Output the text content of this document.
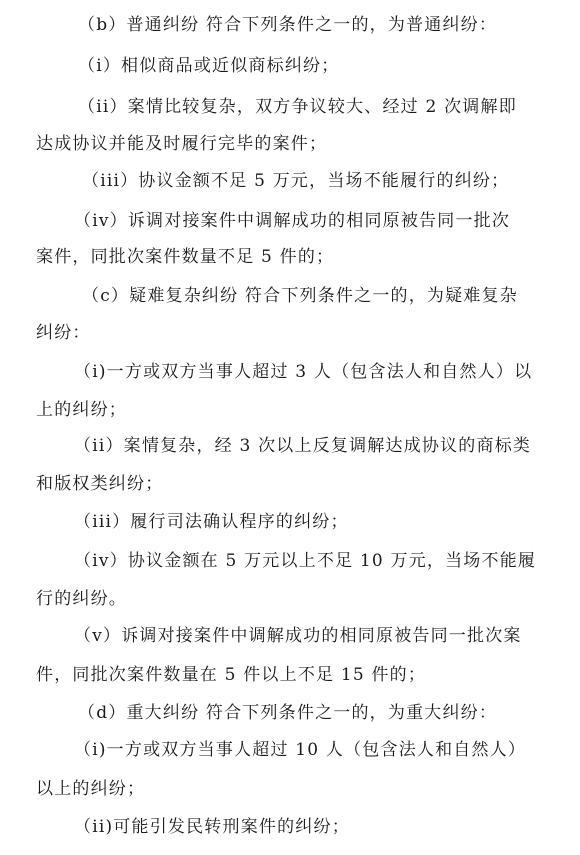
（b）普通纠纷 符合下列条件之一的，为普通纠纷：
（i）相似商品或近似商标纠纷；
（ii）案情比较复杂，双方争议较大、经过 2 次调解即
达成协议并能及时履行完毕的案件；
（iii）协议金额不足 5 万元，当场不能履行的纠纷；
（iv）诉调对接案件中调解成功的相同原被告同一批次
案件，同批次案件数量不足 5 件的；
（c）疑难复杂纠纷 符合下列条件之一的，为疑难复杂
纠纷：
（i)一方或双方当事人超过 3 人（包含法人和自然人）以
上的纠纷；
（ii）案情复杂，经 3 次以上反复调解达成协议的商标类
和版权类纠纷；
（iii）履行司法确认程序的纠纷；
（iv）协议金额在 5 万元以上不足 10 万元，当场不能履
行的纠纷。
（v）诉调对接案件中调解成功的相同原被告同一批次案
件，同批次案件数量在 5 件以上不足 15 件的；
（d）重大纠纷 符合下列条件之一的，为重大纠纷：
（i)一方或双方当事人超过 10 人（包含法人和自然人）
以上的纠纷；
（ii)可能引发民转刑案件的纠纷；
